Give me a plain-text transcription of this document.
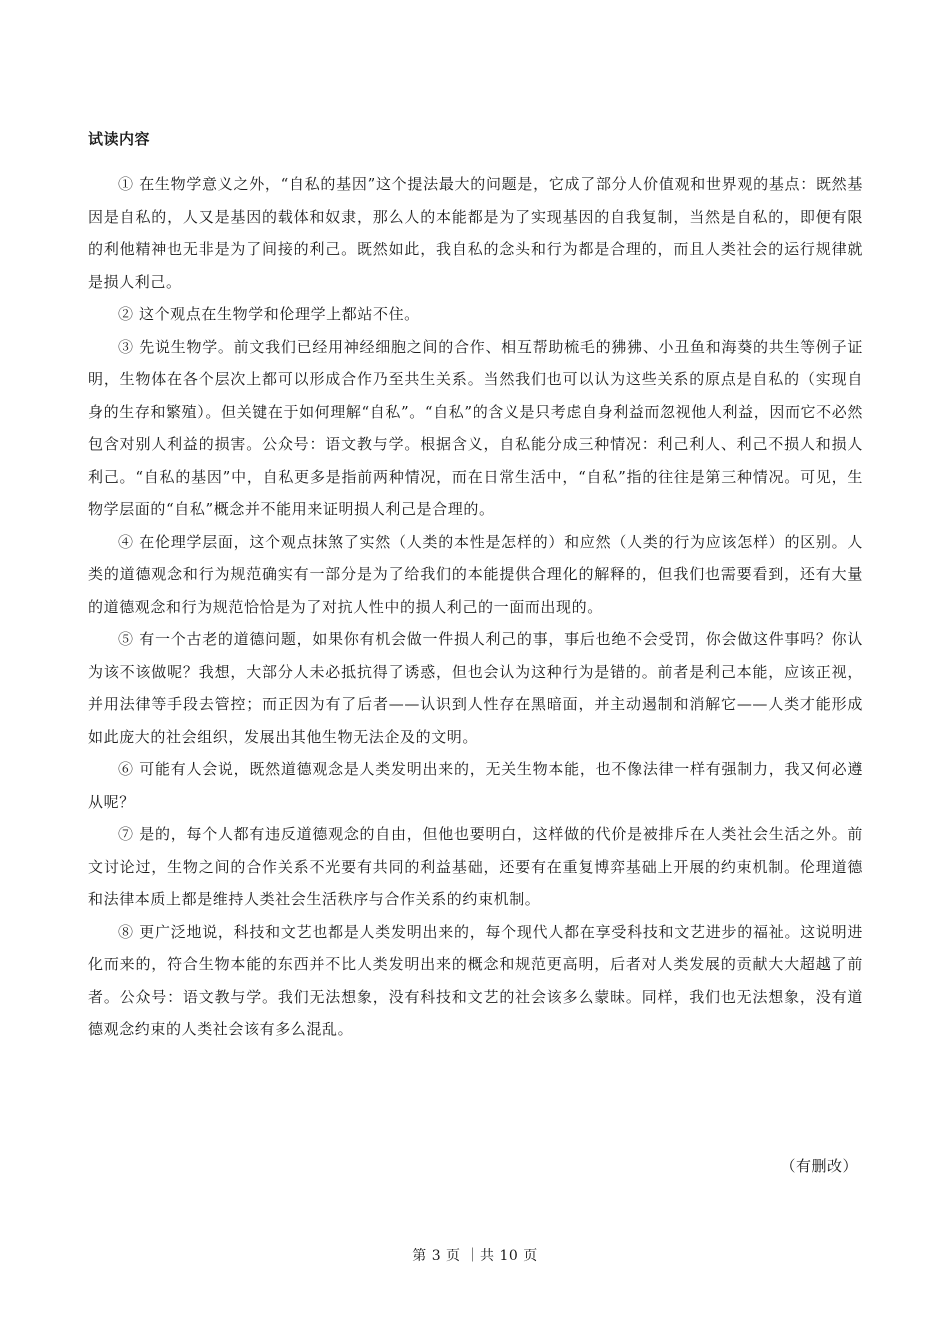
试读内容

① 在生物学意义之外，“自私的基因”这个提法最大的问题是，它成了部分人价值观和世界观的基点：既然基因是自私的，人又是基因的载体和奴隶，那么人的本能都是为了实现基因的自我复制，当然是自私的，即便有限的利他精神也无非是为了间接的利己。既然如此，我自私的念头和行为都是合理的，而且人类社会的运行规律就是损人利己。

② 这个观点在生物学和伦理学上都站不住。

③ 先说生物学。前文我们已经用神经细胞之间的合作、相互帮助梳毛的狒狒、小丑鱼和海葵的共生等例子证明，生物体在各个层次上都可以形成合作乃至共生关系。当然我们也可以认为这些关系的原点是自私的（实现自身的生存和繁殖）。但关键在于如何理解“自私”。“自私”的含义是只考虑自身利益而忽视他人利益，因而它不必然包含对别人利益的损害。公众号：语文教与学。根据含义，自私能分成三种情况：利己利人、利己不损人和损人利己。“自私的基因”中，自私更多是指前两种情况，而在日常生活中，“自私”指的往往是第三种情况。可见，生物学层面的“自私”概念并不能用来证明损人利己是合理的。

④ 在伦理学层面，这个观点抹煞了实然（人类的本性是怎样的）和应然（人类的行为应该怎样）的区别。人类的道德观念和行为规范确实有一部分是为了给我们的本能提供合理化的解释的，但我们也需要看到，还有大量的道德观念和行为规范恰恰是为了对抗人性中的损人利己的一面而出现的。

⑤ 有一个古老的道德问题，如果你有机会做一件损人利己的事，事后也绝不会受罚，你会做这件事吗？你认为该不该做呢？我想，大部分人未必抵抗得了诱惑，但也会认为这种行为是错的。前者是利己本能，应该正视，并用法律等手段去管控；而正因为有了后者——认识到人性存在黑暗面，并主动遏制和消解它——人类才能形成如此庞大的社会组织，发展出其他生物无法企及的文明。

⑥ 可能有人会说，既然道德观念是人类发明出来的，无关生物本能，也不像法律一样有强制力，我又何必遵从呢？

⑦ 是的，每个人都有违反道德观念的自由，但他也要明白，这样做的代价是被排斥在人类社会生活之外。前文讨论过，生物之间的合作关系不光要有共同的利益基础，还要有在重复博弈基础上开展的约束机制。伦理道德和法律本质上都是维持人类社会生活秩序与合作关系的约束机制。

⑧ 更广泛地说，科技和文艺也都是人类发明出来的，每个现代人都在享受科技和文艺进步的福祉。这说明进化而来的，符合生物本能的东西并不比人类发明出来的概念和规范更高明，后者对人类发展的贡献大大超越了前者。公众号：语文教与学。我们无法想象，没有科技和文艺的社会该多么蒙昧。同样，我们也无法想象，没有道德观念约束的人类社会该有多么混乱。

（有删改）
第 3 页 ｜共 10 页
